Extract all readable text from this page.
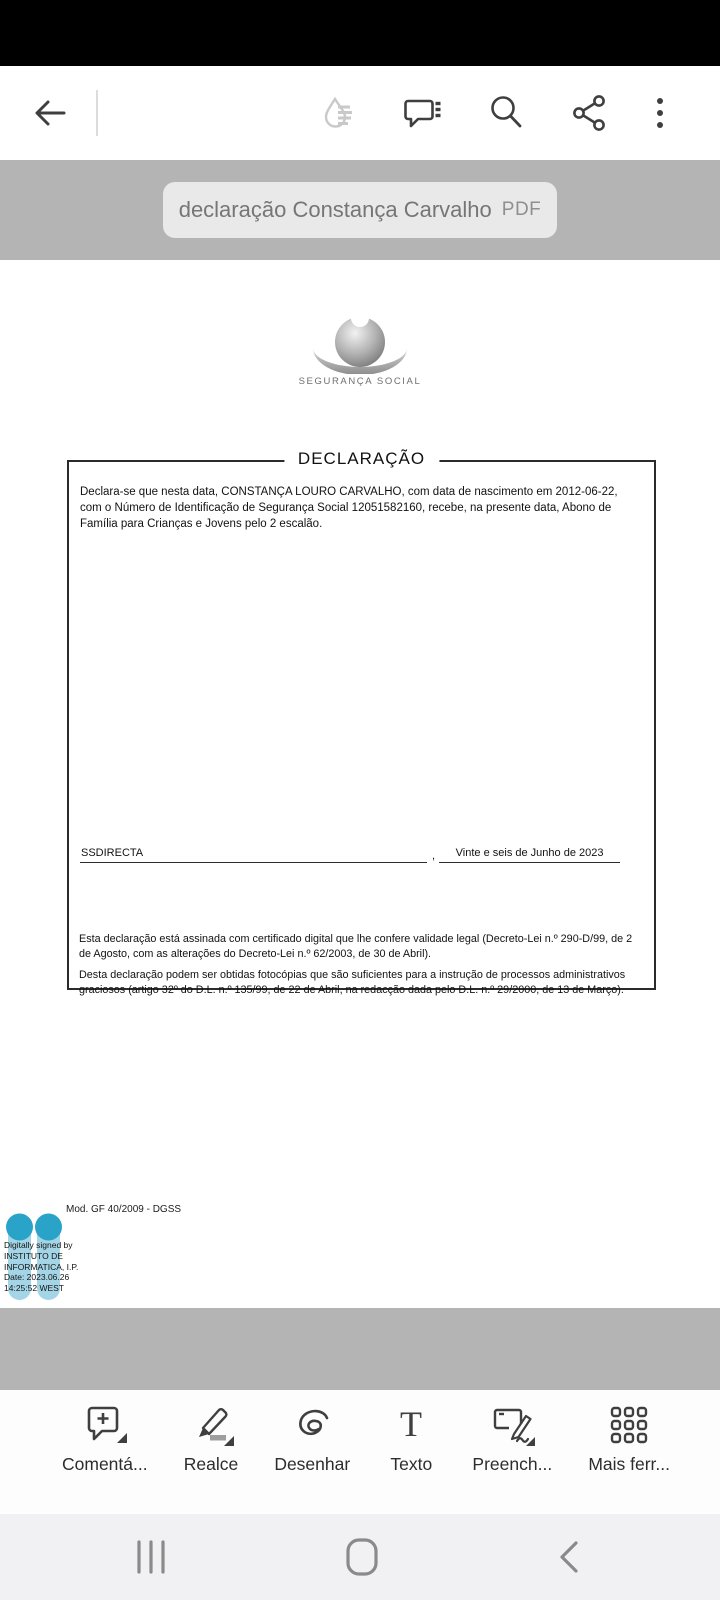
declaração Constança Carvalho PDF
SEGURANÇA SOCIAL
DECLARAÇÃO
Declara-se que nesta data, CONSTANÇA LOURO CARVALHO, com data de nascimento em 2012-06-22, com o Número de Identificação de Segurança Social 12051582160, recebe, na presente data, Abono de Família para Crianças e Jovens pelo 2 escalão.
SSDIRECTA	,	Vinte e seis de Junho de 2023

Esta declaração está assinada com certificado digital que lhe confere validade legal (Decreto-Lei n.º 290-D/99, de 2 de Agosto, com as alterações do Decreto-Lei n.º 62/2003, de 30 de Abril).

Desta declaração podem ser obtidas fotocópias que são suficientes para a instrução de processos administrativos graciosos (artigo 32º do D.L. n.º 135/99, de 22 de Abril, na redacção dada pelo D.L. n.º 29/2000, de 13 de Março).

Mod. GF 40/2009 - DGSS
Digitally signed by
INSTITUTO DE
INFORMATICA, I.P.
Date: 2023.06.26
14:25:52 WEST
Comentá... Realce Desenhar
T
Texto Preench... Mais ferr...
